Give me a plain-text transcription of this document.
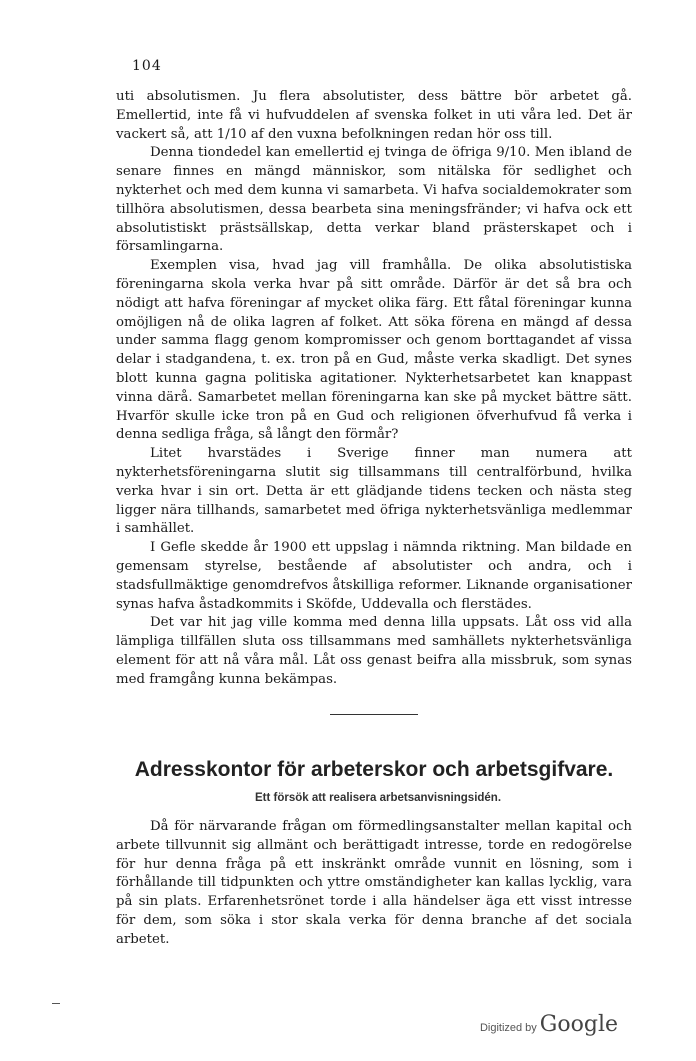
104

uti absolutismen. Ju flera absolutister, dess bättre bör arbetet gå. Emellertid, inte få vi hufvuddelen af svenska folket in uti våra led. Det är vackert så, att 1/10 af den vuxna befolkningen redan hör oss till.

Denna tiondedel kan emellertid ej tvinga de öfriga 9/10. Men ibland de senare finnes en mängd människor, som nitälska för sedlighet och nykterhet och med dem kunna vi samarbeta. Vi hafva socialdemokrater som tillhöra absolutismen, dessa bearbeta sina meningsfränder; vi hafva ock ett absolutistiskt prästsällskap, detta verkar bland prästerskapet och i församlingarna.

Exemplen visa, hvad jag vill framhålla. De olika absolutistiska föreningarna skola verka hvar på sitt område. Därför är det så bra och nödigt att hafva föreningar af mycket olika färg. Ett fåtal föreningar kunna omöjligen nå de olika lagren af folket. Att söka förena en mängd af dessa under samma flagg genom kompromisser och genom borttagandet af vissa delar i stadgandena, t. ex. tron på en Gud, måste verka skadligt. Det synes blott kunna gagna politiska agitationer. Nykterhetsarbetet kan knappast vinna därå. Samarbetet mellan föreningarna kan ske på mycket bättre sätt. Hvarför skulle icke tron på en Gud och religionen öfverhufvud få verka i denna sedliga fråga, så långt den förmår?

Litet hvarstädes i Sverige finner man numera att nykterhetsföreningarna slutit sig tillsammans till centralförbund, hvilka verka hvar i sin ort. Detta är ett glädjande tidens tecken och nästa steg ligger nära tillhands, samarbetet med öfriga nykterhetsvänliga medlemmar i samhället.

I Gefle skedde år 1900 ett uppslag i nämnda riktning. Man bildade en gemensam styrelse, bestående af absolutister och andra, och i stadsfullmäktige genomdrefvos åtskilliga reformer. Liknande organisationer synas hafva åstadkommits i Sköfde, Uddevalla och flerstädes.

Det var hit jag ville komma med denna lilla uppsats. Låt oss vid alla lämpliga tillfällen sluta oss tillsammans med samhällets nykterhetsvänliga element för att nå våra mål. Låt oss genast beifra alla missbruk, som synas med framgång kunna bekämpas.

Adresskontor för arbeterskor och arbetsgifvare.
Ett försök att realisera arbetsanvisningsidén.

Då för närvarande frågan om förmedlingsanstalter mellan kapital och arbete tillvunnit sig allmänt och berättigadt intresse, torde en redogörelse för hur denna fråga på ett inskränkt område vunnit en lösning, som i förhållande till tidpunkten och yttre omständigheter kan kallas lycklig, vara på sin plats. Erfarenhetsrönet torde i alla händelser äga ett visst intresse för dem, som söka i stor skala verka för denna branche af det sociala arbetet.

Digitized by Google
